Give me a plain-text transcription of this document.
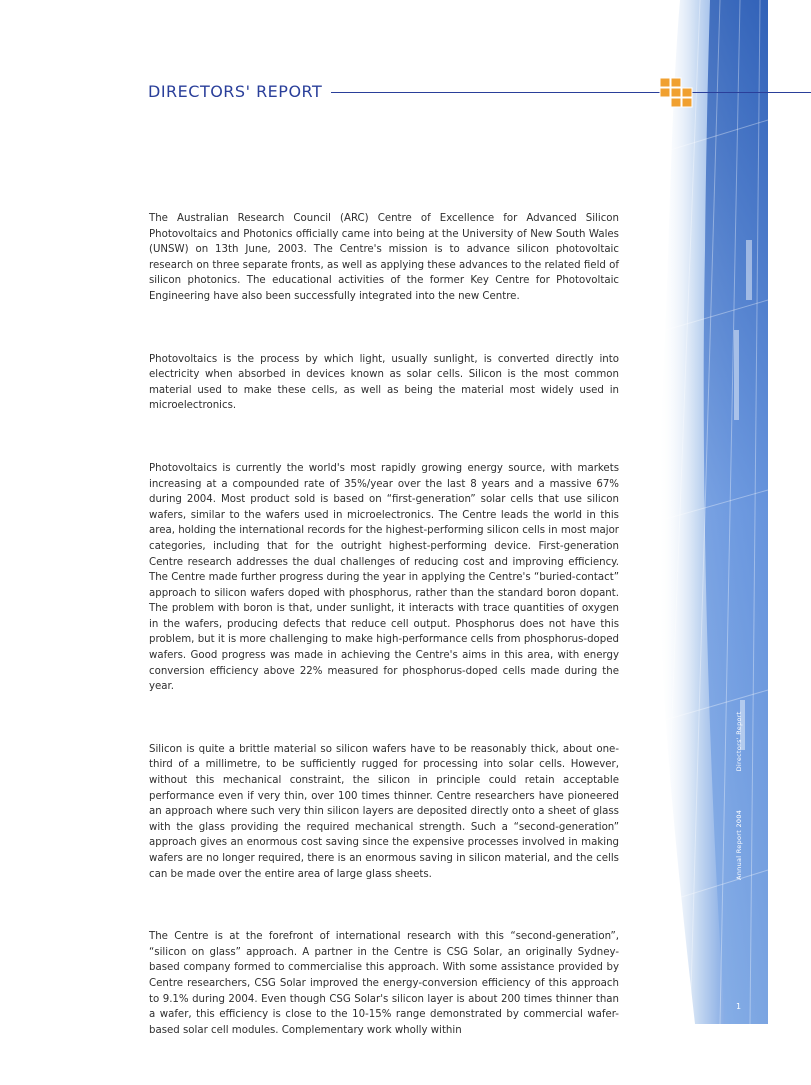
DIRECTORS' REPORT

The Australian Research Council (ARC) Centre of Excellence for Advanced Silicon Photovoltaics and Photonics officially came into being at the University of New South Wales (UNSW) on 13th June, 2003. The Centre's mission is to advance silicon photovoltaic research on three separate fronts, as well as applying these advances to the related field of silicon photonics. The educational activities of the former Key Centre for Photovoltaic Engineering have also been successfully integrated into the new Centre.

Photovoltaics is the process by which light, usually sunlight, is converted directly into electricity when absorbed in devices known as solar cells. Silicon is the most common material used to make these cells, as well as being the material most widely used in microelectronics.

Photovoltaics is currently the world's most rapidly growing energy source, with markets increasing at a compounded rate of 35%/year over the last 8 years and a massive 67% during 2004. Most product sold is based on “first-generation” solar cells that use silicon wafers, similar to the wafers used in microelectronics. The Centre leads the world in this area, holding the international records for the highest-performing silicon cells in most major categories, including that for the outright highest-performing device. First-generation Centre research addresses the dual challenges of reducing cost and improving efficiency. The Centre made further progress during the year in applying the Centre's “buried-contact” approach to silicon wafers doped with phosphorus, rather than the standard boron dopant. The problem with boron is that, under sunlight, it interacts with trace quantities of oxygen in the wafers, producing defects that reduce cell output. Phosphorus does not have this problem, but it is more challenging to make high-performance cells from phosphorus-doped wafers. Good progress was made in achieving the Centre's aims in this area, with energy conversion efficiency above 22% measured for phosphorus-doped cells made during the year.

Silicon is quite a brittle material so silicon wafers have to be reasonably thick, about one-third of a millimetre, to be sufficiently rugged for processing into solar cells. However, without this mechanical constraint, the silicon in principle could retain acceptable performance even if very thin, over 100 times thinner. Centre researchers have pioneered an approach where such very thin silicon layers are deposited directly onto a sheet of glass with the glass providing the required mechanical strength. Such a “second-generation” approach gives an enormous cost saving since the expensive processes involved in making wafers are no longer required, there is an enormous saving in silicon material, and the cells can be made over the entire area of large glass sheets.

The Centre is at the forefront of international research with this “second-generation”, “silicon on glass” approach. A partner in the Centre is CSG Solar, an originally Sydney-based company formed to commercialise this approach. With some assistance provided by Centre researchers, CSG Solar improved the energy-conversion efficiency of this approach to 9.1% during 2004. Even though CSG Solar's silicon layer is about 200 times thinner than a wafer, this efficiency is close to the 10-15% range demonstrated by commercial wafer-based solar cell modules. Complementary work wholly within

Annual Report 2004 Directors' Report
1
